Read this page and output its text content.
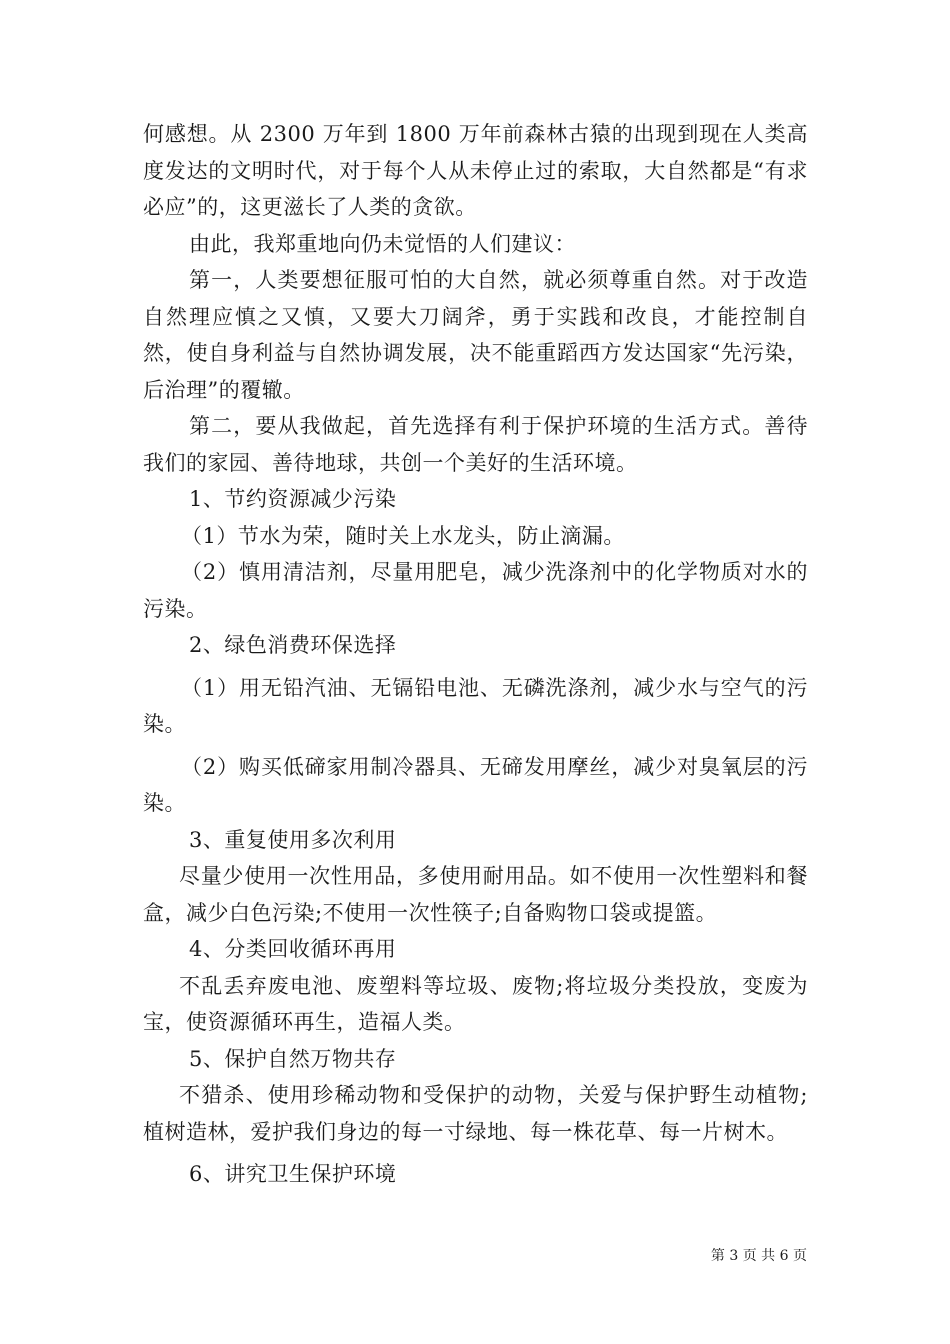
何感想。从 2300 万年到 1800 万年前森林古猿的出现到现在人类高度发达的文明时代，对于每个人从未停止过的索取，大自然都是“有求必应”的，这更滋长了人类的贪欲。

由此，我郑重地向仍未觉悟的人们建议：

第一，人类要想征服可怕的大自然，就必须尊重自然。对于改造自然理应慎之又慎，又要大刀阔斧，勇于实践和改良，才能控制自然，使自身利益与自然协调发展，决不能重蹈西方发达国家“先污染，后治理”的覆辙。

第二，要从我做起，首先选择有利于保护环境的生活方式。善待我们的家园、善待地球，共创一个美好的生活环境。

1、节约资源减少污染

（1）节水为荣，随时关上水龙头，防止滴漏。

（2）慎用清洁剂，尽量用肥皂，减少洗涤剂中的化学物质对水的污染。

2、绿色消费环保选择

（1）用无铅汽油、无镉铅电池、无磷洗涤剂，减少水与空气的污染。

（2）购买低碲家用制冷器具、无碲发用摩丝，减少对臭氧层的污染。

3、重复使用多次利用

尽量少使用一次性用品，多使用耐用品。如不使用一次性塑料和餐盒，减少白色污染;不使用一次性筷子;自备购物口袋或提篮。

4、分类回收循环再用

不乱丢弃废电池、废塑料等垃圾、废物;将垃圾分类投放，变废为宝，使资源循环再生，造福人类。

5、保护自然万物共存

不猎杀、使用珍稀动物和受保护的动物，关爱与保护野生动植物;植树造林，爱护我们身边的每一寸绿地、每一株花草、每一片树木。

6、讲究卫生保护环境

第 3 页 共 6 页
